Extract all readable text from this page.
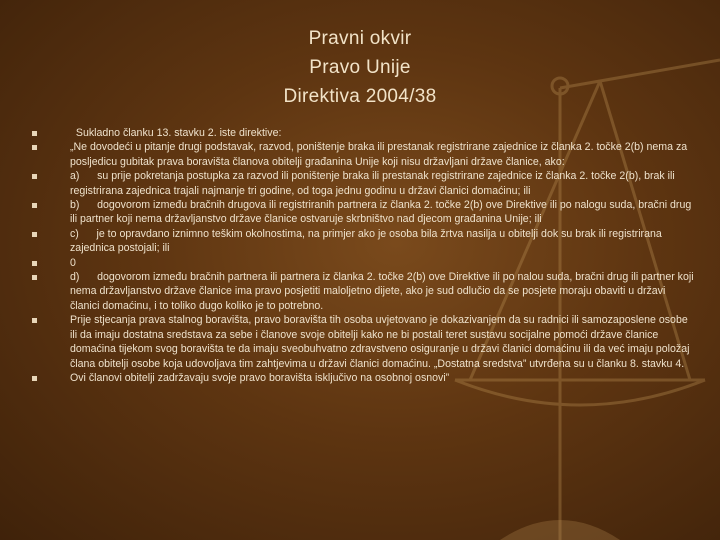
Pravni okvir
Pravo Unije
Direktiva 2004/38
Sukladno članku 13. stavku 2. iste direktive:
„Ne dovodeći u pitanje drugi podstavak, razvod, poništenje braka ili prestanak registrirane zajednice iz članka 2. točke 2(b) nema za posljedicu gubitak prava boravišta članova obitelji građanina Unije koji nisu državljani države članice, ako:
a)      su prije pokretanja postupka za razvod ili poništenje braka ili prestanak registrirane zajednice iz članka 2. točke 2(b), brak ili registrirana zajednica trajali najmanje tri godine, od toga jednu godinu u državi članici domaćinu; ili
b)      dogovorom između bračnih drugova ili registriranih partnera iz članka 2. točke 2(b) ove Direktive ili po nalogu suda, bračni drug ili partner koji nema državljanstvo države članice ostvaruje skrbništvo nad djecom građanina Unije; ili
c)      je to opravdano iznimno teškim okolnostima, na primjer ako je osoba bila žrtva nasilja u obitelji dok su brak ili registrirana zajednica postojali; ili
0
d)      dogovorom između bračnih partnera ili partnera iz članka 2. točke 2(b) ove Direktive ili po nalou suda, bračni drug ili partner koji nema državljanstvo države članice ima pravo posjetiti maloljetno dijete, ako je sud odlučio da se posjete moraju obaviti u državi članici domaćinu, i to toliko dugo koliko je to potrebno.
Prije stjecanja prava stalnog boravišta, pravo boravišta tih osoba uvjetovano je dokazivanjem da su radnici ili samozaposlene osobe ili da imaju dostatna sredstava za sebe i članove svoje obitelji kako ne bi postali teret sustavu socijalne pomoći države članice domaćina tijekom svog boravišta te da imaju sveobuhvatno zdravstveno osiguranje u državi članici domaćinu ili da već imaju položaj člana obitelji osobe koja udovoljava tim zahtjevima u državi članici domaćinu. „Dostatna sredstva” utvrđena su u članku 8. stavku 4.
Ovi članovi obitelji zadržavaju svoje pravo boravišta isključivo na osobnoj osnovi”
